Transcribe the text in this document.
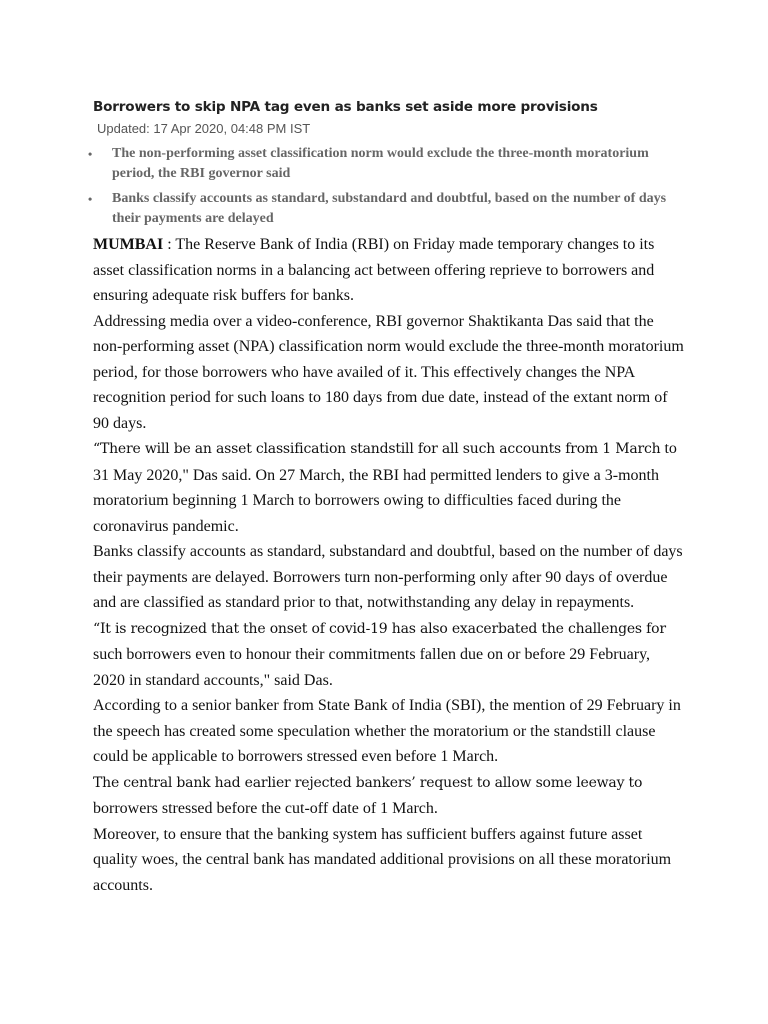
Borrowers to skip NPA tag even as banks set aside more provisions
Updated: 17 Apr 2020, 04:48 PM IST
• The non-performing asset classification norm would exclude the three-month moratorium period, the RBI governor said
• Banks classify accounts as standard, substandard and doubtful, based on the number of days their payments are delayed

MUMBAI : The Reserve Bank of India (RBI) on Friday made temporary changes to its asset classification norms in a balancing act between offering reprieve to borrowers and ensuring adequate risk buffers for banks.

Addressing media over a video-conference, RBI governor Shaktikanta Das said that the non-performing asset (NPA) classification norm would exclude the three-month moratorium period, for those borrowers who have availed of it. This effectively changes the NPA recognition period for such loans to 180 days from due date, instead of the extant norm of 90 days.

“There will be an asset classification standstill for all such accounts from 1 March to 31 May 2020," Das said. On 27 March, the RBI had permitted lenders to give a 3-month moratorium beginning 1 March to borrowers owing to difficulties faced during the coronavirus pandemic.

Banks classify accounts as standard, substandard and doubtful, based on the number of days their payments are delayed. Borrowers turn non-performing only after 90 days of overdue and are classified as standard prior to that, notwithstanding any delay in repayments.

“It is recognized that the onset of covid-19 has also exacerbated the challenges for such borrowers even to honour their commitments fallen due on or before 29 February, 2020 in standard accounts," said Das.

According to a senior banker from State Bank of India (SBI), the mention of 29 February in the speech has created some speculation whether the moratorium or the standstill clause could be applicable to borrowers stressed even before 1 March.

The central bank had earlier rejected bankers’ request to allow some leeway to
borrowers stressed before the cut-off date of 1 March.

Moreover, to ensure that the banking system has sufficient buffers against future asset quality woes, the central bank has mandated additional provisions on all these moratorium accounts.
